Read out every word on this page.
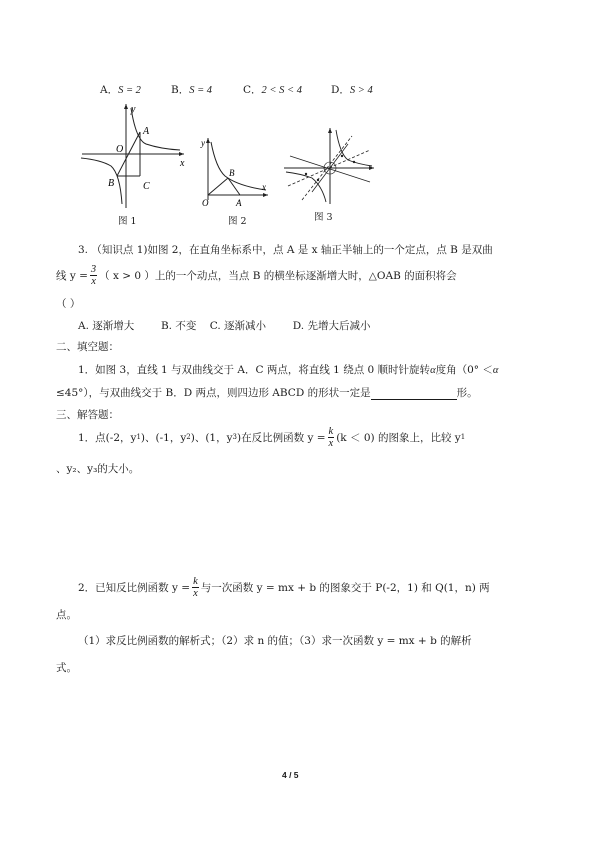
A．S = 2	B．S = 4	C．2 < S < 4	D．S > 4
y
x
O
A
B	C
图 1
y
x
O
B
A
图 2	图 3
3. （知识点 1)如图 2，在直角坐标系中，点 A 是 x 轴正半轴上的一个定点，点 B 是双曲
线 $y = \frac{3}{x}$ （ x > 0 ）上的一个动点，当点 B 的横坐标逐渐增大时，△OAB 的面积将会
（ ）
A. 逐渐增大        B. 不变    C. 逐渐减小        D. 先增大后减小
二、填空题：
1．如图 3，直线 1 与双曲线交于 A．C 两点，将直线 1 绕点 0 顺时针旋转α度角（0° ＜α
≤45°），与双曲线交于 B．D 两点，则四边形 ABCD 的形状一定是	形。
三、解答题：
1．点(-2，y 1 )、(-1，y 2 )、(1，y 3 )在反比例函数 $y = \frac{k}{x} (k < 0)$ 的图象上，比较 y 1
、y₂、y₃的大小。
2．已知反比例函数 $y = \frac{k}{x}$ 与一次函数 y = mx + b 的图象交于 P(-2，1) 和 Q(1，n) 两
点。
（1）求反比例函数的解析式；（2）求 n 的值；（3）求一次函数 y = mx + b 的解析
式。
4 / 5
